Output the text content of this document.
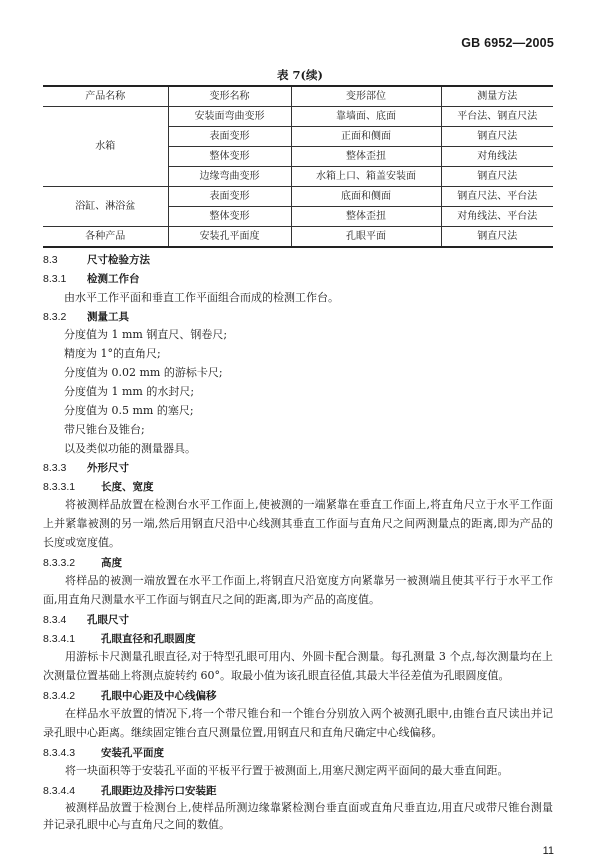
GB 6952—2005
表 7(续)
产品名称	变形名称	变形部位	测量方法
水箱	安装面弯曲变形	靠墙面、底面	平台法、钢直尺法
	表面变形	正面和侧面	钢直尺法
	整体变形	整体歪扭	对角线法
	边缘弯曲变形	水箱上口、箱盖安装面	钢直尺法
浴缸、淋浴盆	表面变形	底面和侧面	钢直尺法、平台法
	整体变形	整体歪扭	对角线法、平台法
各种产品	安装孔平面度	孔眼平面	钢直尺法
8.3	尺寸检验方法
8.3.1 检测工作台
由水平工作平面和垂直工作平面组合而成的检测工作台。
8.3.2 测量工具
分度值为 1 mm 钢直尺、钢卷尺;
精度为 1°的直角尺;
分度值为 0.02 mm 的游标卡尺;
分度值为 1 mm 的水封尺;
分度值为 0.5 mm 的塞尺;
带尺锥台及锥台;
以及类似功能的测量器具。
8.3.3 外形尺寸
8.3.3.1 长度、宽度
将被测样品放置在检测台水平工作面上,使被测的一端紧靠在垂直工作面上,将直角尺立于水平工作面上并紧靠被测的另一端,然后用钢直尺沿中心线测其垂直工作面与直角尺之间两测量点的距离,即为产品的长度或宽度值。
8.3.3.2 高度
将样品的被测一端放置在水平工作面上,将钢直尺沿宽度方向紧靠另一被测端且使其平行于水平工作面,用直角尺测量水平工作面与钢直尺之间的距离,即为产品的高度值。
8.3.4 孔眼尺寸
8.3.4.1 孔眼直径和孔眼圆度
用游标卡尺测量孔眼直径,对于特型孔眼可用内、外圆卡配合测量。每孔测量 3 个点,每次测量均在上次测量位置基础上将测点旋转约 60°。取最小值为该孔眼直径值,其最大半径差值为孔眼圆度值。
8.3.4.2 孔眼中心距及中心线偏移
在样品水平放置的情况下,将一个带尺锥台和一个锥台分别放入两个被测孔眼中,由锥台直尺读出并记录孔眼中心距离。继续固定锥台直尺测量位置,用钢直尺和直角尺确定中心线偏移。
8.3.4.3 安装孔平面度
将一块面积等于安装孔平面的平板平行置于被测面上,用塞尺测定两平面间的最大垂直间距。
8.3.4.4 孔眼距边及排污口安装距
被测样品放置于检测台上,使样品所测边缘靠紧检测台垂直面或直角尺垂直边,用直尺或带尺锥台测量并记录孔眼中心与直角尺之间的数值。
11
